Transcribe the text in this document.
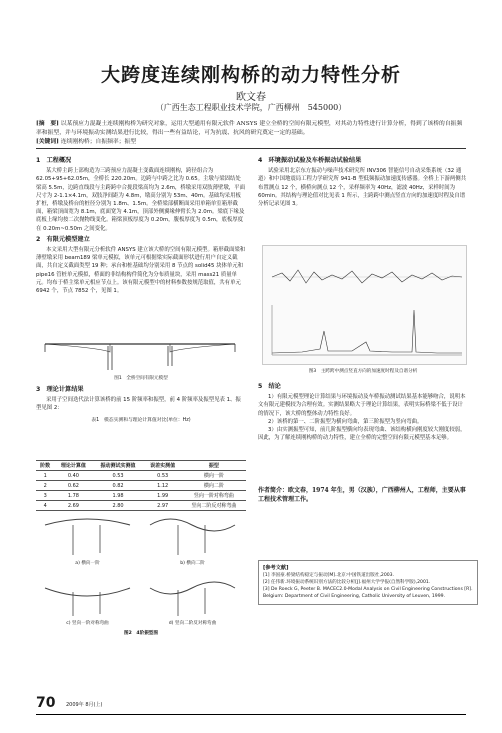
大跨度连续刚构桥的动力特性分析
欧文春
（广西生态工程职业技术学院，广西柳州　545000）
[摘　要] 以某预应力混凝土连续刚构桥为研究对象，运用大型通用有限元软件 ANSYS 建立全桥的空间有限元模型，对其动力特性进行计算分析，得到了该桥的自振频率和振型，并与环境振动实测结果进行比较，得出一些有益结论，可为抗震、抗风的研究奠定一定的基础。
[关键词] 连续刚构桥；自振频率；振型
1　工程概况

某大桥主跨上部构造为三跨预应力混凝土变截面连续刚构，跨径组合为 62.05+95+62.05m，全桥长 220.20m。边跨与中跨之比为 0.65。主墩与梁固结处梁高 5.5m，边跨直线段与主跨跨中合拢段梁高均为 2.6m，桥墩采用双肢薄壁墩，平面尺寸为 2-1.1×4.1m，双肢净间距为 4.8m，墩高分别为 53m、40m。基础均采用板扩桩，桥墩及桥台的桩径分别为 1.8m、1.5m。全桥梁部横断面采用单箱单室箱形截面，箱梁顶面宽为 8.1m，底面宽为 4.1m，顶部外侧翼缘伸臂长为 2.0m。梁底下缘及底板上缘均按二次抛物线变化。箱梁顶板厚度为 0.20m，腹板厚度为 0.5m，底板厚度在 0.20m~0.50m 之间变化。

2　有限元模型建立

本文采用大型有限元分析软件 ANSYS 建立该大桥的空间有限元模型。箱形截面梁和薄壁墩采用 beam189 梁单元模拟，该单元可根据梁实际截面形状进行用户自定义截面，共自定义截面类型 19 种；承台和桩基础均分别采用 8 节点的 solid45 块体单元和 pipe16 管桩单元模拟，桥面的非结构构件简化为分布质量块，采用 mass21 质量单元。均布于桥主梁单元相应节点上。该有限元模型中的材料参数按规范取值，共有单元 6942 个，节点 7852 个，见图 1。

图1　全桥空间有限元模型
3　理论计算结果

采用子空间迭代法计算该桥的前 15 阶频率和振型，前 4 阶频率及振型见表 1、振型见图 2：

表1　模态实测和与理论计算值对比(单位：Hz)
阶数	理论计算值	振动测试实测值	误差实测值	振型
1	0.40	0.53	0.53	横向一阶
2	0.62	0.82	1.12	横向二阶
3	1.78	1.98	1.99	竖向一阶对称弯曲
4	2.69	2.80	2.97	竖向二阶反对称弯曲
a) 横向一阶	b) 横向二阶
c) 竖向一阶对称弯曲	d) 竖向二阶反对称弯曲
图2　4阶振型图
4　环境振动试验及车桥振动试验结果

试验采用北京东方振动与噪声技术研究所 INV306 智能信号自动采集系统（32 通道）和中国地震局工程力学研究所 941-B 型低频振动加速度传感器。全桥上下游两侧共布置测点 12 个，横桥向测点 12 个，采样频率为 40Hz，滤波 40Hz，采样时间为 60min。其结构与理论值对比见表 1 所示，主跨跨中测点竖直方向的加速度时程及自谱分析记录见图 3。

图3　主跨跨中测点竖直方向的加速度时程及自谱分析
5　结论

1）有限元模型理论计算结果与环境振动及车桥振动测试结果基本能够吻合，说明本文有限元建模较为合理有效。实测结果略大于理论计算结果，表明实际桥梁不低于设计的情况下，该大桥的整体动力特性良好。

2）该桥的第一、二阶振型为横向弯曲，第三阶振型为竖向弯曲。

3）由实测振型可知，前几阶振型横向均表现弯曲、该结构横向刚度较大刚度较弱，因此，为了解连续刚构桥的动力特性，建立全桥的完整空间有限元模型基本足够。

作者简介：欧文春，1974 年生，男（汉族），广西柳州人，工程师，主要从事工程技术管理工作。
[参考文献]
[1] 李国豪.桥梁结构稳定与振动[M].北京:中国铁道出版社,2003.
[2] 任伟新.环境振动系统识别方法的比较分析[J].福州大学学报(自然科学版),2001.
[3] De Roeck G, Peeter B. MACEC2.0-Modal Analysis on Civil Engineering Constructions [R]. Belgium: Department of Civil Engineering, Catholic University of Leuven, 1999.
70 2009年 8月(上)
